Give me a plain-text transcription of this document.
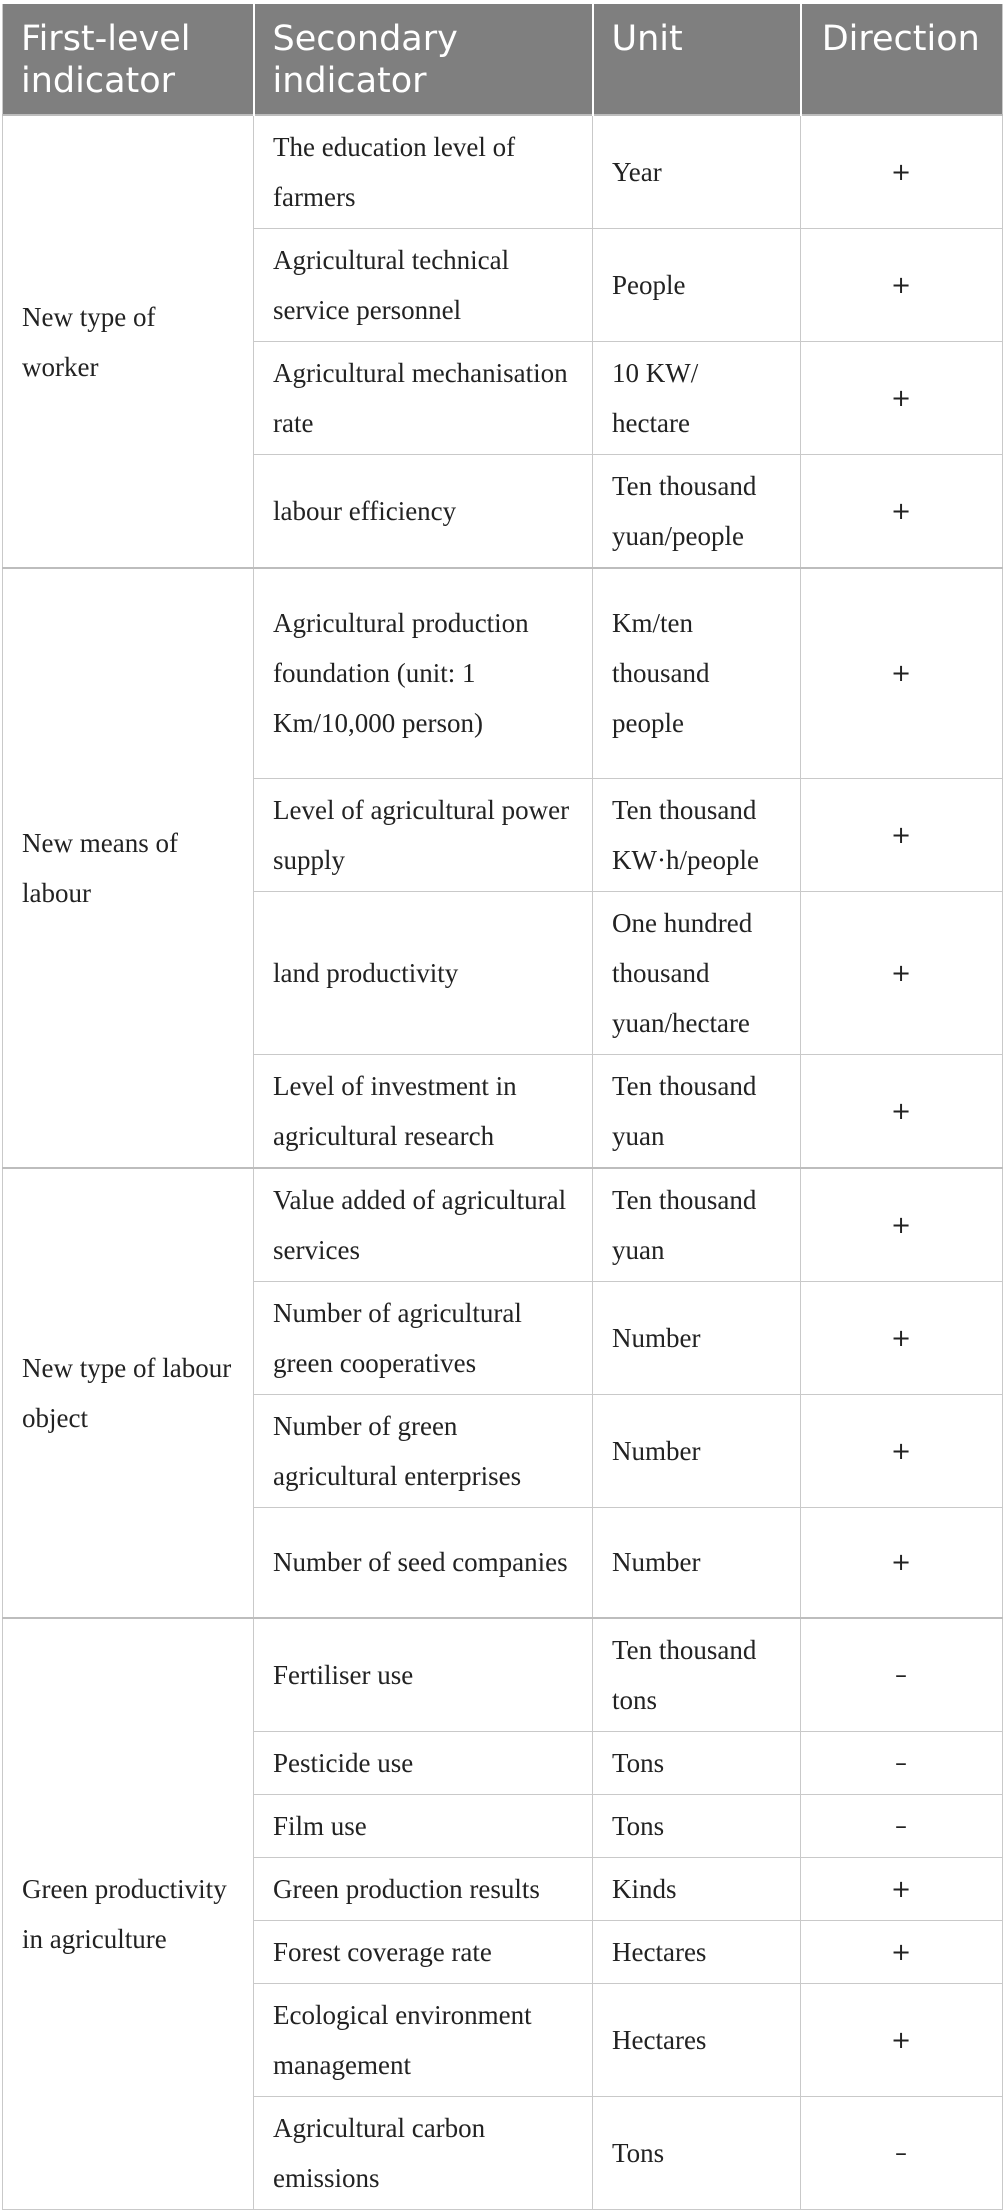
First-level indicator	Secondary indicator	Unit	Direction
New type of worker	The education level of farmers	Year	+
	Agricultural technical service personnel	People	+
	Agricultural mechanisation rate	10 KW/ hectare	+
	labour efficiency	Ten thousand yuan/people	+
New means of labour	Agricultural production foundation (unit: 1 Km/10,000 person)	Km/ten thousand people	+
	Level of agricultural power supply	Ten thousand KW·h/people	+
	land productivity	One hundred thousand yuan/hectare	+
	Level of investment in agricultural research	Ten thousand yuan	+
New type of labour object	Value added of agricultural services	Ten thousand yuan	+
	Number of agricultural green cooperatives	Number	+
	Number of green agricultural enterprises	Number	+
	Number of seed companies	Number	+
Green productivity in agriculture	Fertiliser use	Ten thousand tons	–
	Pesticide use	Tons	–
	Film use	Tons	–
	Green production results	Kinds	+
	Forest coverage rate	Hectares	+
	Ecological environment management	Hectares	+
	Agricultural carbon emissions	Tons	–
